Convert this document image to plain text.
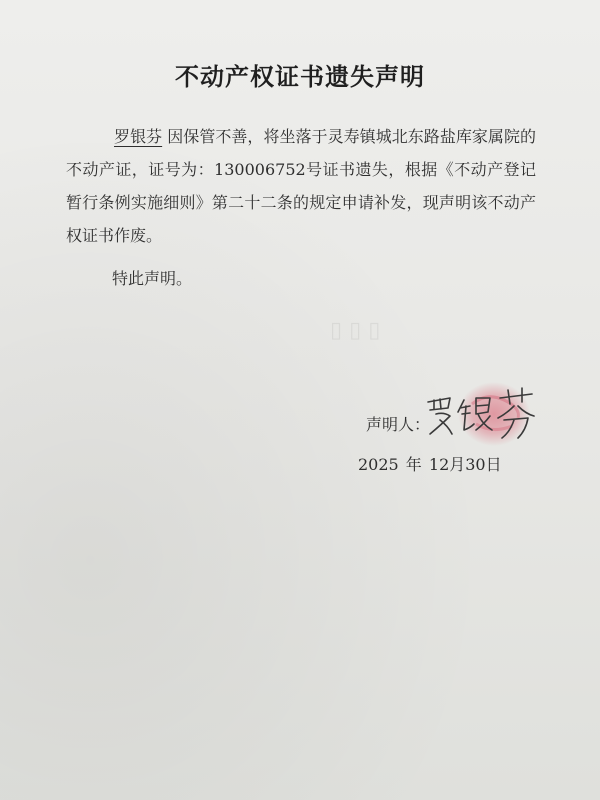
▯ ▯ ▯
不动产权证书遗失声明

罗银芬 因保管不善，将坐落于灵寿镇城北东路盐库家属院的不动产证，证号为：130006752号证书遗失，根据《不动产登记暂行条例实施细则》第二十二条的规定申请补发，现声明该不动产权证书作废。

特此声明。
声明人：
2025 年 12月30日
